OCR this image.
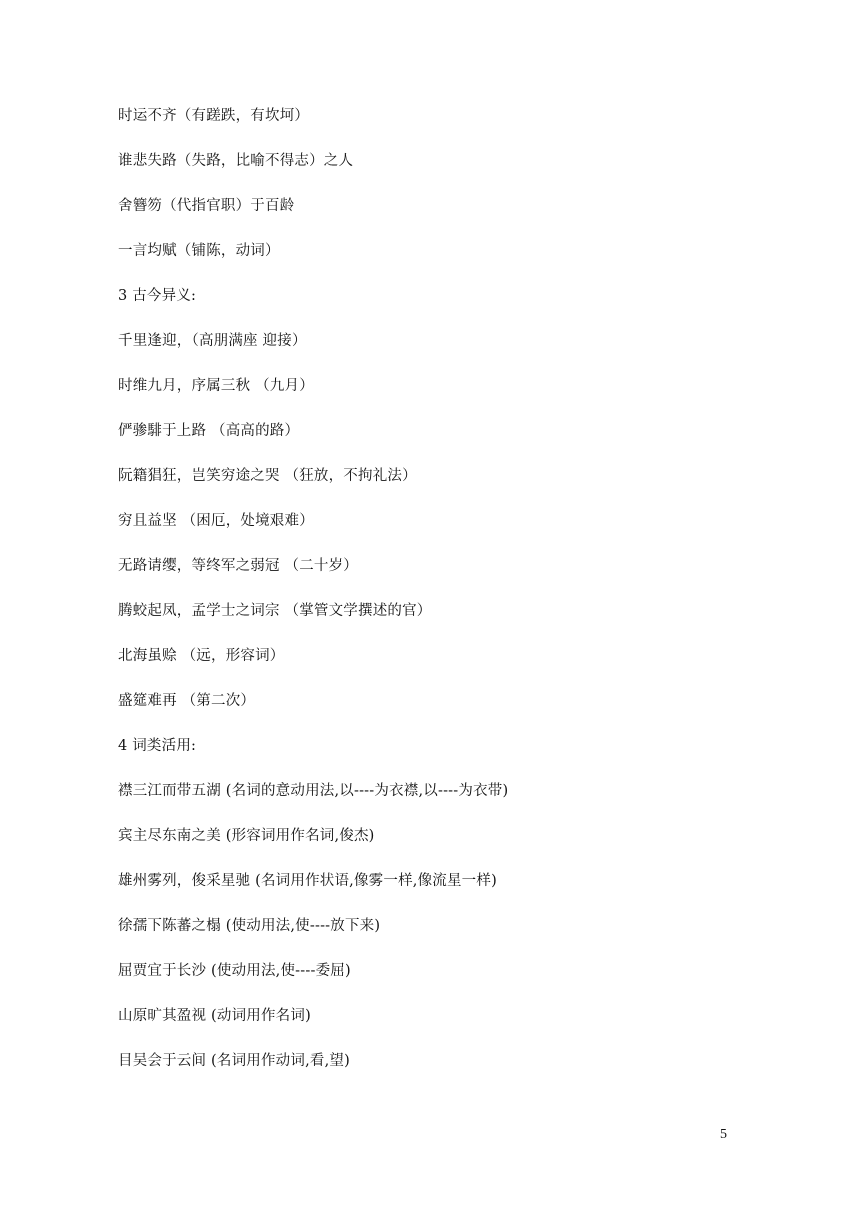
时运不齐（有蹉跌，有坎坷）
谁悲失路（失路，比喻不得志）之人
舍簪笏（代指官职）于百龄
一言均赋（铺陈，动词）
3 古今异义:
千里逢迎，（高朋满座 迎接）
时维九月，序属三秋 （九月）
俨骖騑于上路 （高高的路）
阮籍猖狂，岂笑穷途之哭 （狂放，不拘礼法）
穷且益坚 （困厄，处境艰难）
无路请缨，等终军之弱冠 （二十岁）
腾蛟起凤，孟学士之词宗 （掌管文学撰述的官）
北海虽赊 （远，形容词）
盛筵难再 （第二次）
4 词类活用:
襟三江而带五湖 (名词的意动用法,以----为衣襟,以----为衣带)
宾主尽东南之美 (形容词用作名词,俊杰)
雄州雾列，俊采星驰 (名词用作状语,像雾一样,像流星一样)
徐孺下陈蕃之榻 (使动用法,使----放下来)
屈贾宜于长沙 (使动用法,使----委屈)
山原旷其盈视 (动词用作名词)
目吴会于云间 (名词用作动词,看,望)
5
